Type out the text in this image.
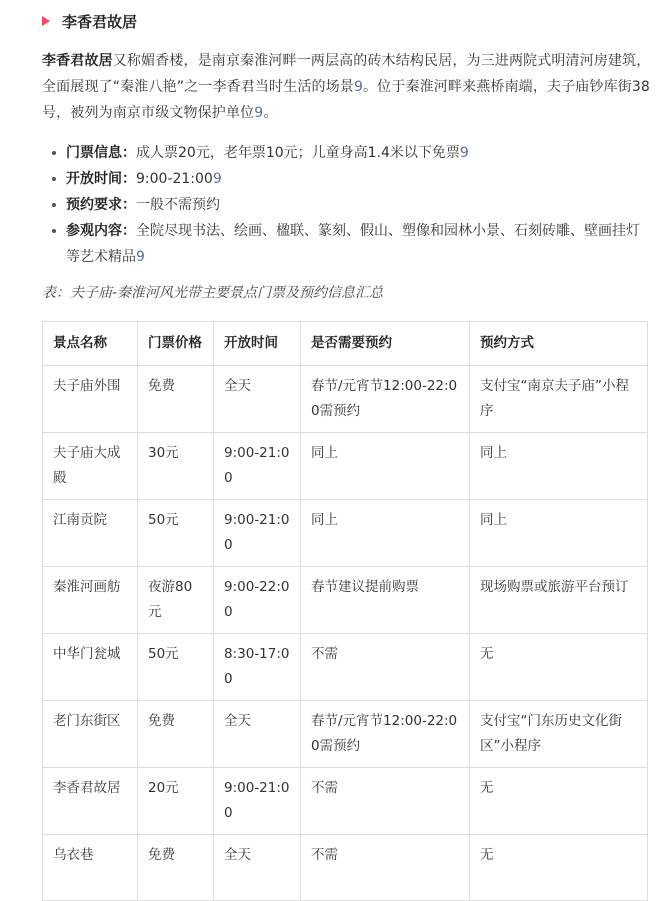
李香君故居

李香君故居又称媚香楼，是南京秦淮河畔一两层高的砖木结构民居，为三进两院式明清河房建筑，全面展现了“秦淮八艳”之一李香君当时生活的场景9。位于秦淮河畔来燕桥南端，夫子庙钞库街38号，被列为南京市级文物保护单位9。

门票信息：成人票20元，老年票10元；儿童身高1.4米以下免票9
开放时间：9:00-21:009
预约要求：一般不需预约
参观内容：全院尽现书法、绘画、楹联、篆刻、假山、塑像和园林小景、石刻砖雕、壁画挂灯等艺术精品9
表：夫子庙-秦淮河风光带主要景点门票及预约信息汇总
景点名称	门票价格	开放时间	是否需要预约	预约方式
夫子庙外围	免费	全天	春节/元宵节12:00-22:00需预约	支付宝“南京夫子庙”小程序
夫子庙大成殿	30元	9:00-21:00	同上	同上
江南贡院	50元	9:00-21:00	同上	同上
秦淮河画舫	夜游80元	9:00-22:00	春节建议提前购票	现场购票或旅游平台预订
中华门瓮城	50元	8:30-17:00	不需	无
老门东街区	免费	全天	春节/元宵节12:00-22:00需预约	支付宝“门东历史文化街区”小程序
李香君故居	20元	9:00-21:00	不需	无
乌衣巷	免费	全天	不需	无
